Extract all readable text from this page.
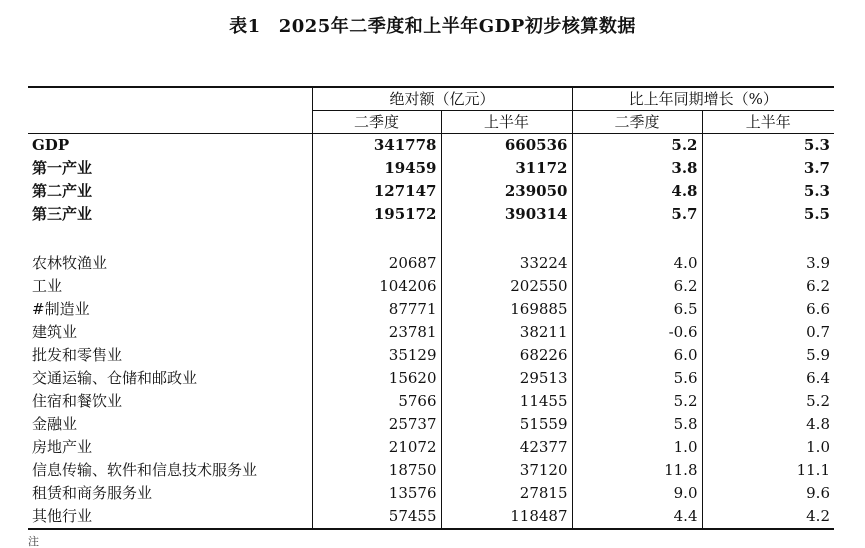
表1 2025年二季度和上半年GDP初步核算数据
	绝对额（亿元）		比上年同期增长（%）	
	二季度	上半年	二季度	上半年
GDP	341778	660536	5.2	5.3
第一产业	19459	31172	3.8	3.7
第二产业	127147	239050	4.8	5.3
第三产业	195172	390314	5.7	5.5

农林牧渔业	20687	33224	4.0	3.9
工业	104206	202550	6.2	6.2
#制造业	87771	169885	6.5	6.6
建筑业	23781	38211	-0.6	0.7
批发和零售业	35129	68226	6.0	5.9
交通运输、仓储和邮政业	15620	29513	5.6	6.4
住宿和餐饮业	5766	11455	5.2	5.2
金融业	25737	51559	5.8	4.8
房地产业	21072	42377	1.0	1.0
信息传输、软件和信息技术服务业	18750	37120	11.8	11.1
租赁和商务服务业	13576	27815	9.0	9.6
其他行业	57455	118487	4.4	4.2
注
